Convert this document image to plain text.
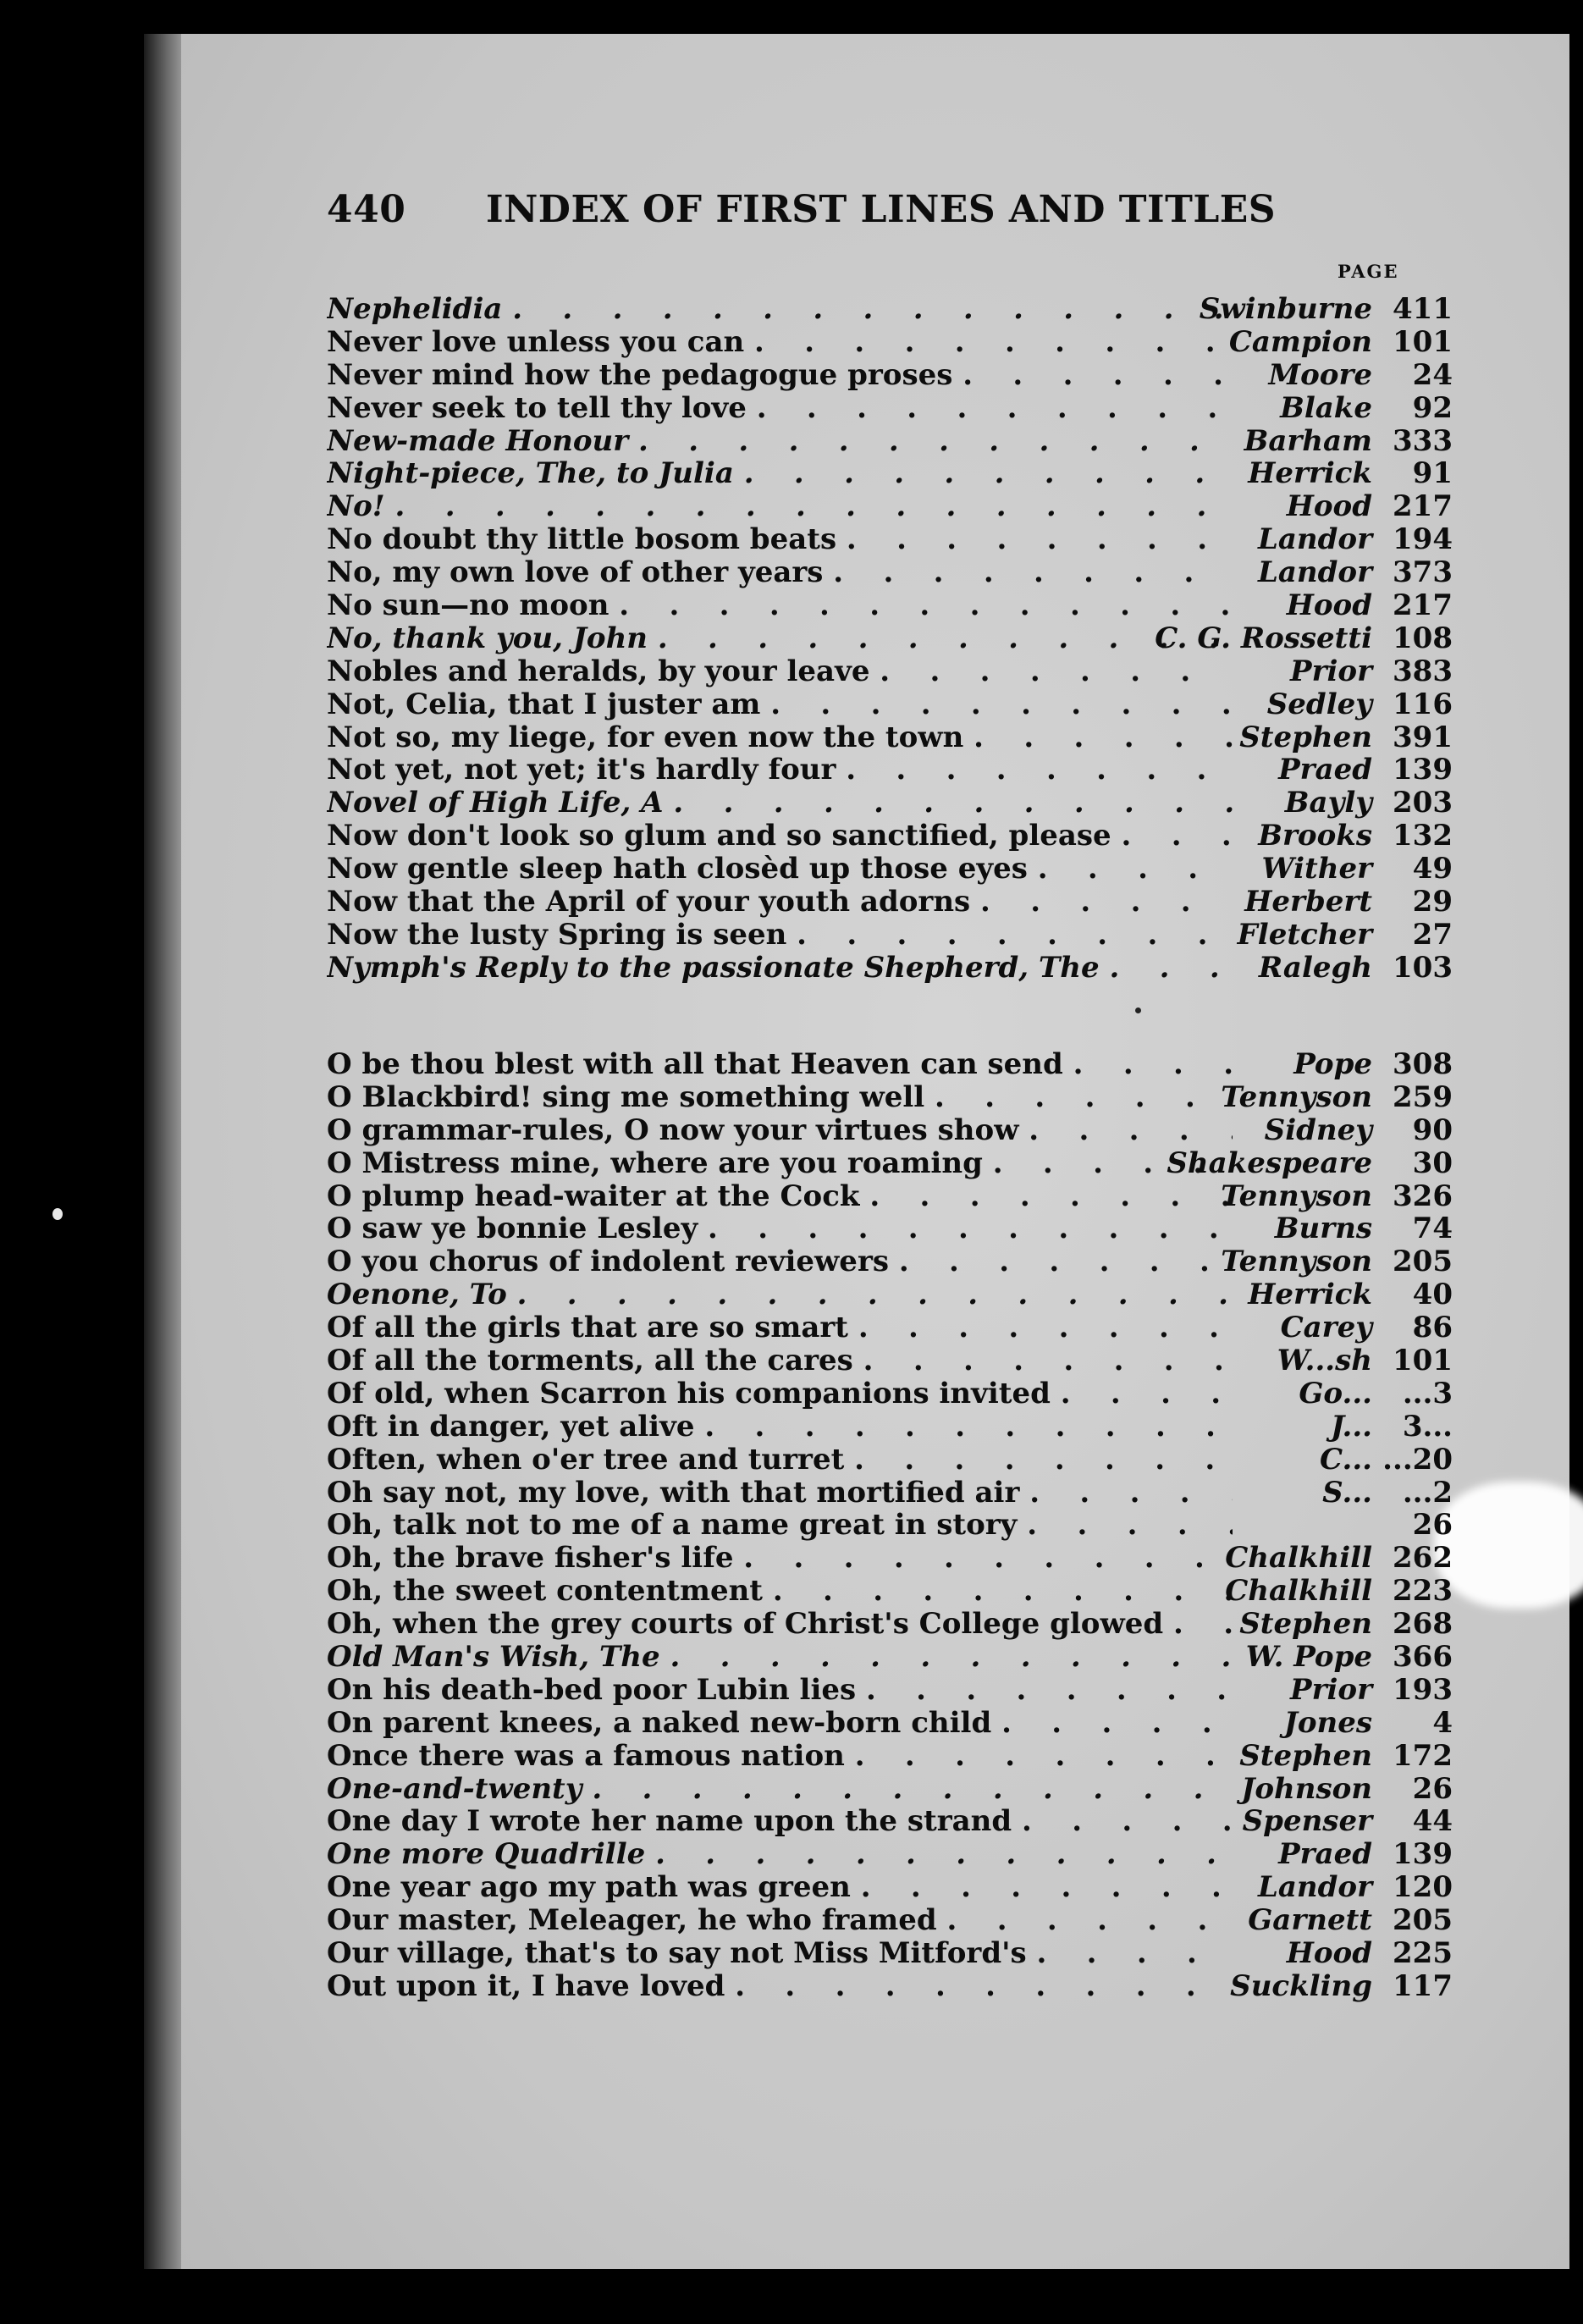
440 INDEX OF FIRST LINES AND TITLES
PAGE
Nephelidia .	Swinburne 411
Never love unless you can .	Campion 101
Never mind how the pedagogue proses .	Moore	24
Never seek to tell thy love .	Blake	92
New-made Honour .	Barham 333
Night-piece, The, to Julia .	Herrick	91
No! .	Hood 217
No doubt thy little bosom beats .	Landor 194
No, my own love of other years .	Landor 373
No sun—no moon .	Hood 217
No, thank you, John .	C. G. Rossetti 108
Nobles and heralds, by your leave .	Prior 383
Not, Celia, that I juster am .	Sedley 116
Not so, my liege, for even now the town .	Stephen 391
Not yet, not yet; it's hardly four .	Praed 139
Novel of High Life, A .	Bayly 203
Now don't look so glum and so sanctified, please .	Brooks 132
Now gentle sleep hath closèd up those eyes .	Wither	49
Now that the April of your youth adorns .	Herbert	29
Now the lusty Spring is seen .	Fletcher	27
Nymph's Reply to the passionate Shepherd, The .	Ralegh 103
O be thou blest with all that Heaven can send .	Pope 308
O Blackbird! sing me something well .	Tennyson 259
O grammar-rules, O now your virtues show .	Sidney	90
O Mistress mine, where are you roaming .	Shakespeare	30
O plump head-waiter at the Cock .	Tennyson 326
O saw ye bonnie Lesley .	Burns	74
O you chorus of indolent reviewers .	Tennyson 205
Oenone, To .	Herrick	40
Of all the girls that are so smart .	Carey	86
Of all the torments, all the cares .	W...sh 101
Of old, when Scarron his companions invited .	Go...	...3
Oft in danger, yet alive .	J...	3...
Often, when o'er tree and turret .	C... ...20
Oh say not, my love, with that mortified air .	S...	...2
Oh, talk not to me of a name great in story .	26
Oh, the brave fisher's life .	Chalkhill 262
Oh, the sweet contentment .	Chalkhill 223
Oh, when the grey courts of Christ's College glowed .	Stephen 268
Old Man's Wish, The .	W. Pope 366
On his death-bed poor Lubin lies .	Prior 193
On parent knees, a naked new-born child .	Jones	4
Once there was a famous nation .	Stephen 172
One-and-twenty .	Johnson	26
One day I wrote her name upon the strand .	Spenser	44
One more Quadrille .	Praed 139
One year ago my path was green .	Landor 120
Our master, Meleager, he who framed .	Garnett 205
Our village, that's to say not Miss Mitford's .	Hood 225
Out upon it, I have loved .	Suckling 117
